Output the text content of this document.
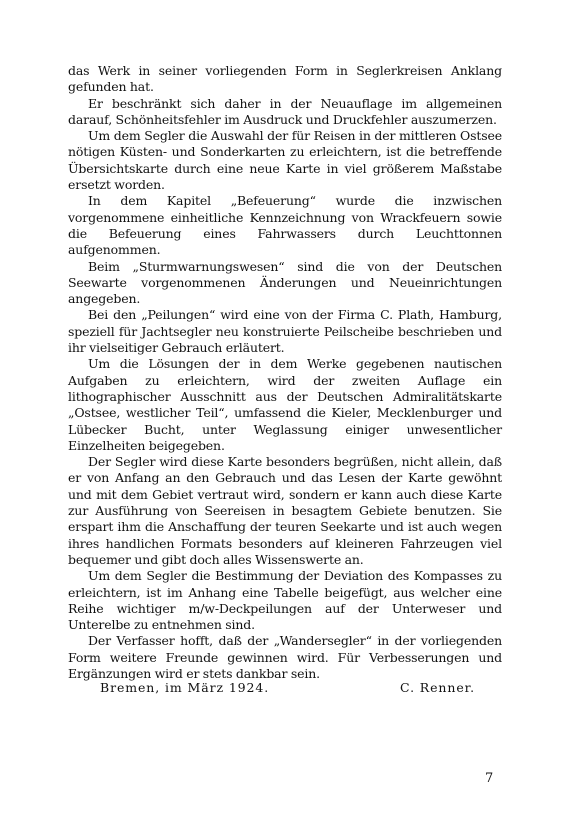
das Werk in seiner vorliegenden Form in Seglerkreisen Anklang gefunden hat.

Er beschränkt sich daher in der Neuauflage im allgemeinen darauf, Schönheitsfehler im Ausdruck und Druckfehler auszumerzen.

Um dem Segler die Auswahl der für Reisen in der mittleren Ostsee nötigen Küsten- und Sonderkarten zu erleichtern, ist die betreffende Übersichtskarte durch eine neue Karte in viel größerem Maßstabe ersetzt worden.

In dem Kapitel „Befeuerung“ wurde die inzwischen vorgenommene einheitliche Kennzeichnung von Wrackfeuern sowie die Befeuerung eines Fahrwassers durch Leuchttonnen aufgenommen.

Beim „Sturmwarnungswesen“ sind die von der Deutschen Seewarte vorgenommenen Änderungen und Neueinrichtungen angegeben.

Bei den „Peilungen“ wird eine von der Firma C. Plath, Hamburg, speziell für Jachtsegler neu konstruierte Peilscheibe beschrieben und ihr vielseitiger Gebrauch erläutert.

Um die Lösungen der in dem Werke gegebenen nautischen Aufgaben zu erleichtern, wird der zweiten Auflage ein lithographischer Ausschnitt aus der Deutschen Admiralitätskarte „Ostsee, westlicher Teil“, umfassend die Kieler, Mecklenburger und Lübecker Bucht, unter Weglassung einiger unwesentlicher Einzelheiten beigegeben.

Der Segler wird diese Karte besonders begrüßen, nicht allein, daß er von Anfang an den Gebrauch und das Lesen der Karte gewöhnt und mit dem Gebiet vertraut wird, sondern er kann auch diese Karte zur Ausführung von Seereisen in besagtem Gebiete benutzen. Sie erspart ihm die Anschaffung der teuren Seekarte und ist auch wegen ihres handlichen Formats besonders auf kleineren Fahrzeugen viel bequemer und gibt doch alles Wissenswerte an.

Um dem Segler die Bestimmung der Deviation des Kompasses zu erleichtern, ist im Anhang eine Tabelle beigefügt, aus welcher eine Reihe wichtiger m/w-Deckpeilungen auf der Unterweser und Unterelbe zu entnehmen sind.

Der Verfasser hofft, daß der „Wandersegler“ in der vorliegenden Form weitere Freunde gewinnen wird. Für Verbesserungen und Ergänzungen wird er stets dankbar sein.

Bremen, im März 1924.	C. Renner.
7
